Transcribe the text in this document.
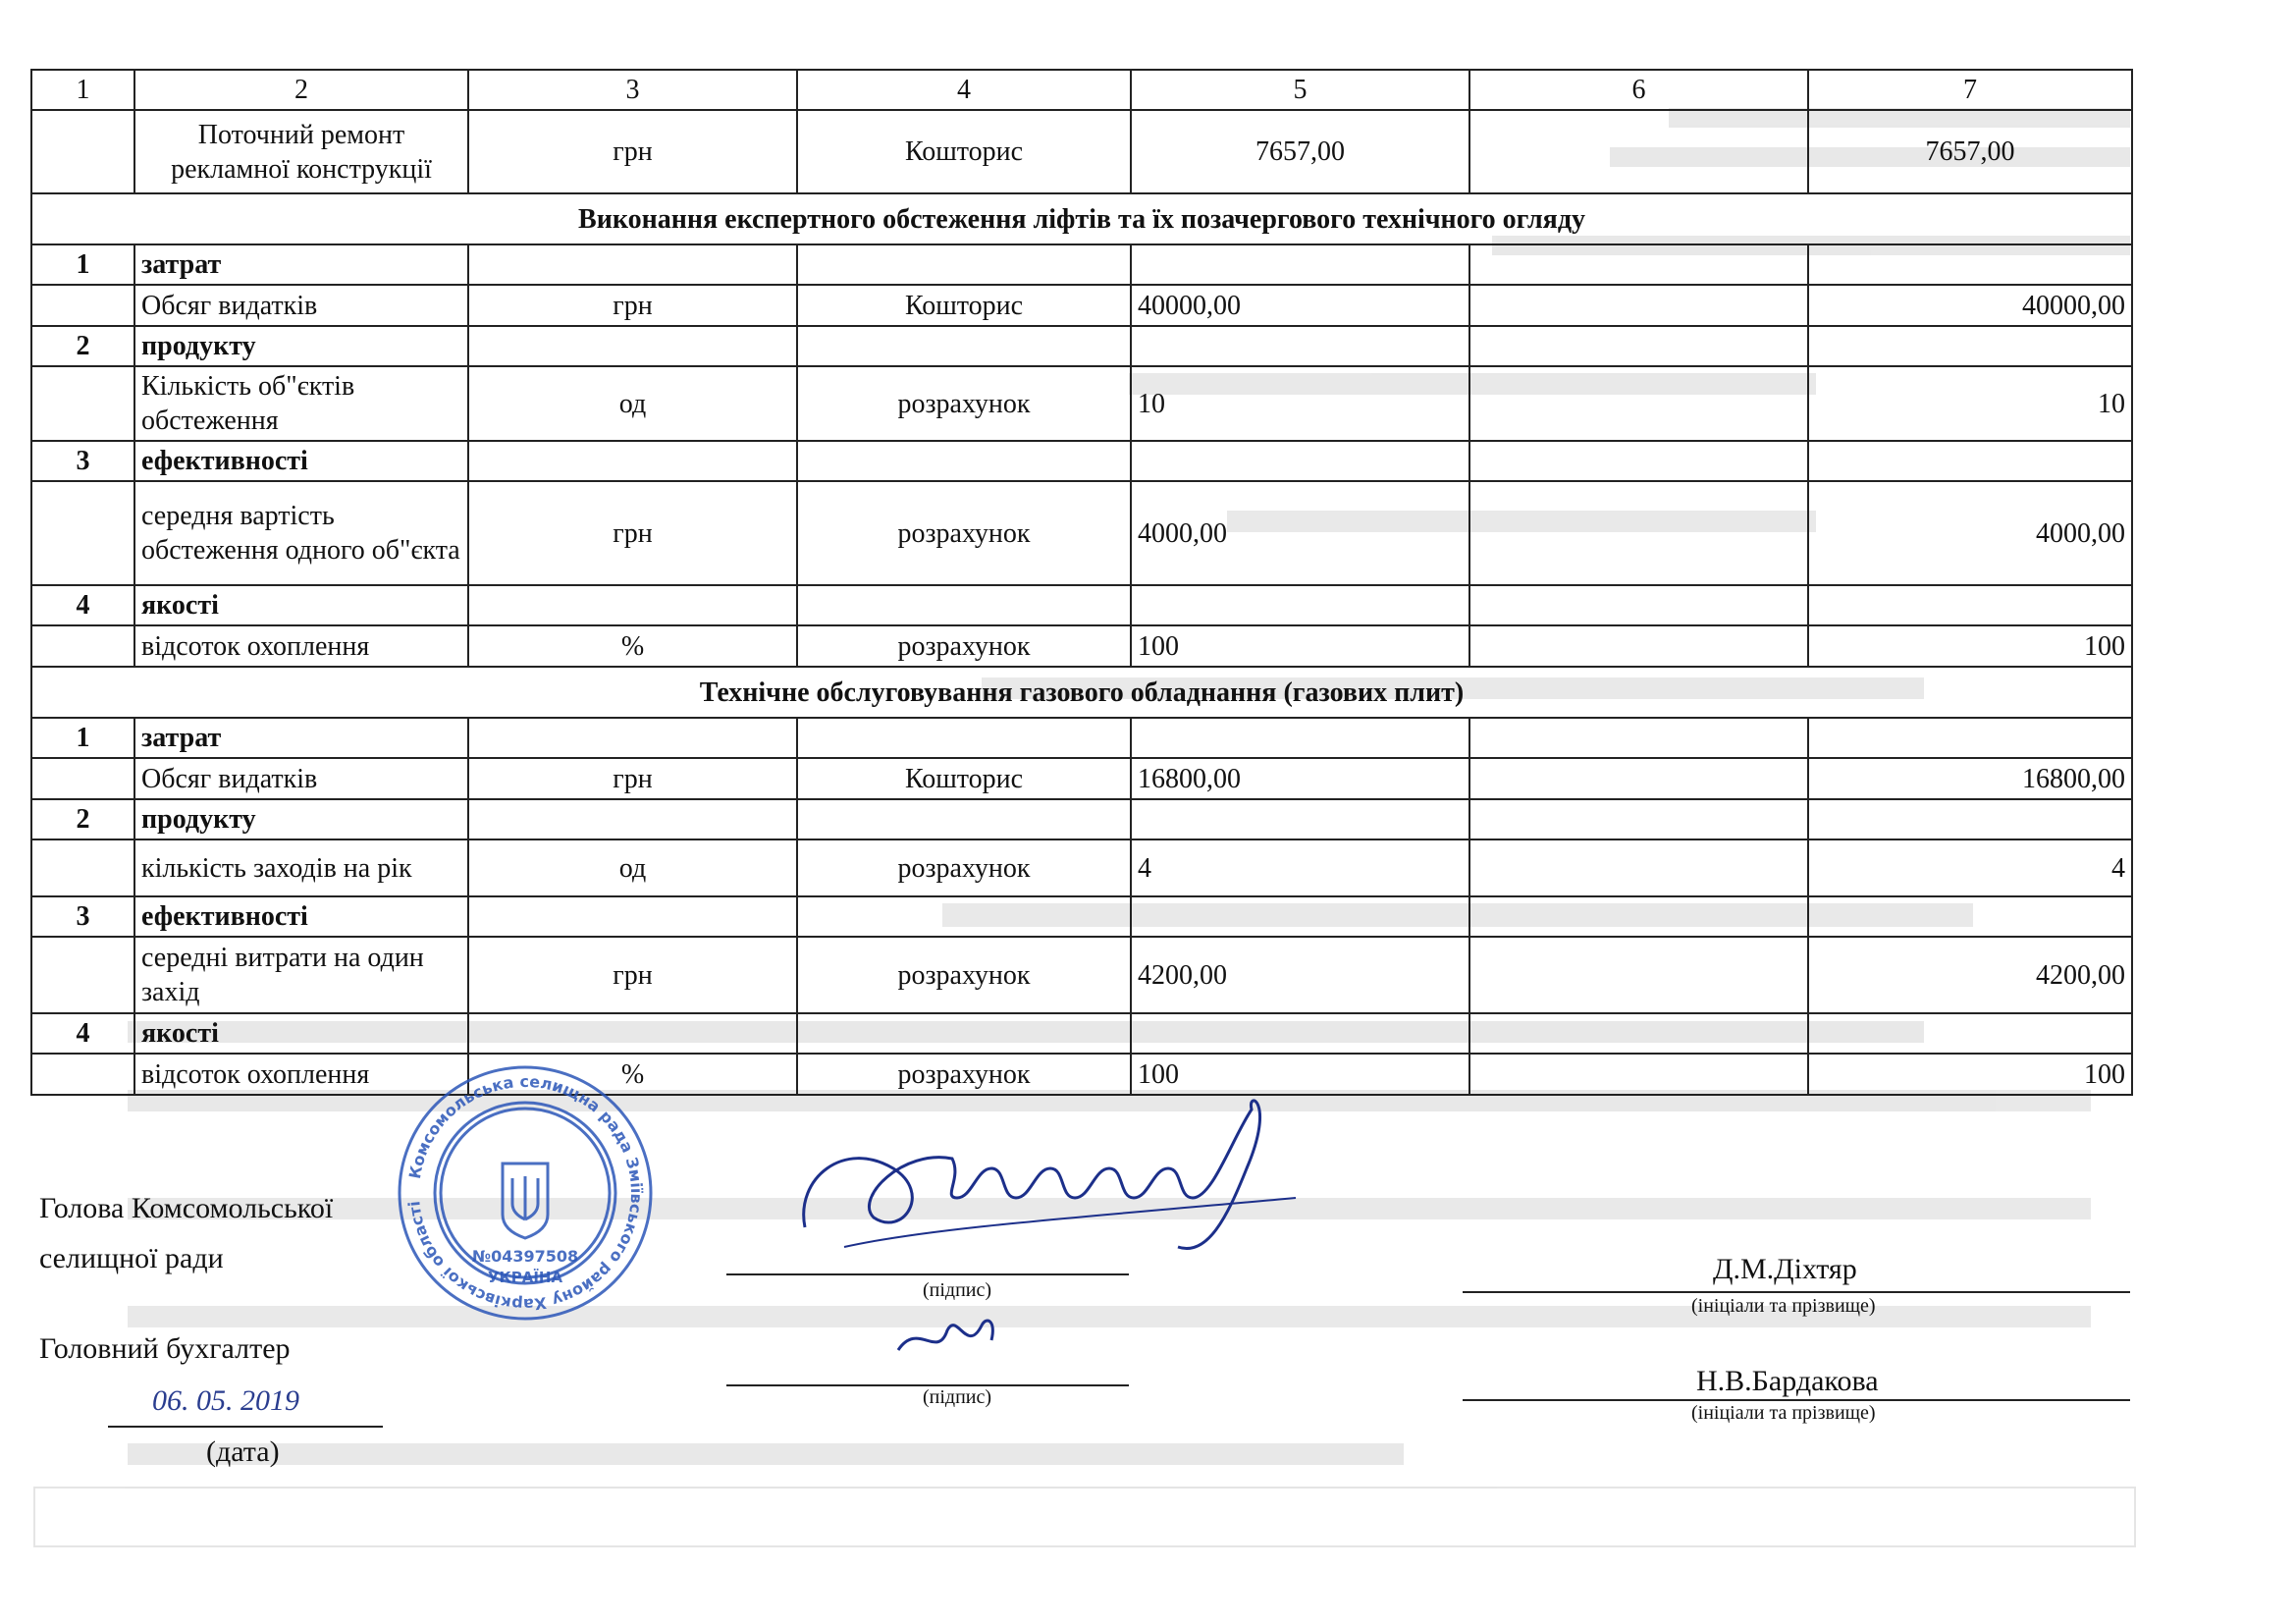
1	2	3	4	5	6	7
	Поточний ремонт рекламної конструкції	грн	Кошторис	7657,00		7657,00
Виконання експертного обстеження ліфтів та їх позачергового технічного огляду						
1	затрат					
	Обсяг видатків	грн	Кошторис	40000,00		40000,00
2	продукту					
	Кількість об"єктів обстеження	од	розрахунок	10		10
3	ефективності					
	середня вартість обстеження одного об"єкта	грн	розрахунок	4000,00		4000,00
4	якості					
	відсоток охоплення	%	розрахунок	100		100
Технічне обслуговування газового обладнання (газових плит)						
1	затрат					
	Обсяг видатків	грн	Кошторис	16800,00		16800,00
2	продукту					
	кількість заходів на рік	од	розрахунок	4		4
3	ефективності					
	середні витрати на один захід	грн	розрахунок	4200,00		4200,00
4	якості					
	відсоток охоплення	%	розрахунок	100		100
Голова Комсомольської
селищної ради
(підпис)
Д.М.Діхтяр
(ініціали та прізвище)
Головний бухгалтер
(підпис)	Н.В.Бардакова
(ініціали та прізвище)
06. 05. 2019
(дата)
Комсомольська селищна рада Зміївського району Харківської області
№04397508
УКРАЇНА
